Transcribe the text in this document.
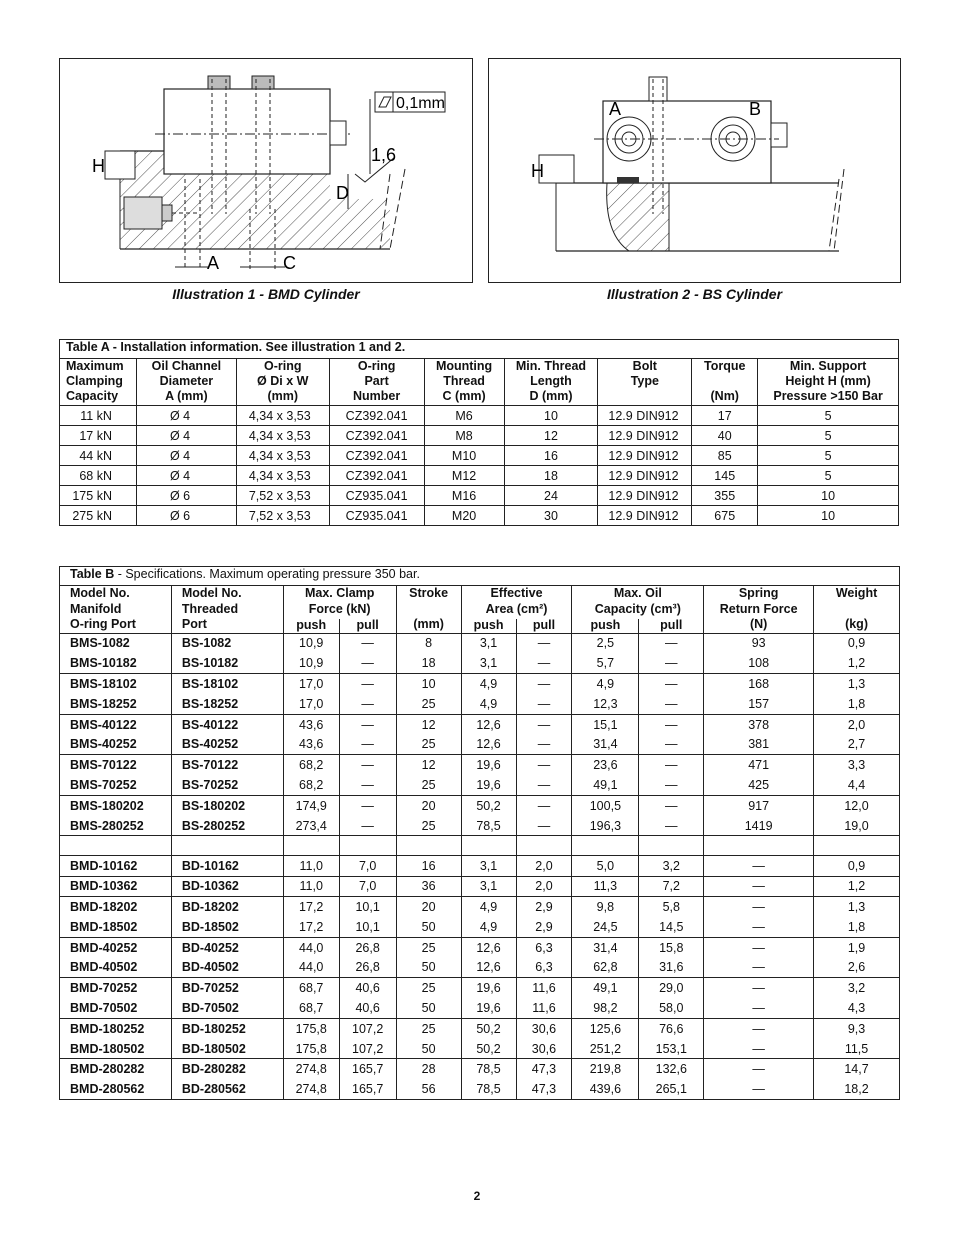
H
A	C
D
1,6
0,1mm
Illustration 1 - BMD Cylinder
H
A	B
Illustration 2 - BS Cylinder
Table A - Installation information. See illustration 1 and 2.								
Maximum
Clamping
Capacity	Oil Channel
Diameter
A (mm)	O-ring
Ø Di x W
(mm)	O-ring
Part
Number	Mounting
Thread
C (mm)	Min. Thread
Length
D (mm)	Bolt
Type	Torque

(Nm)	Min. Support
Height H (mm)
Pressure >150 Bar
11 kN	Ø 4	4,34 x 3,53	CZ392.041	M6	10	12.9 DIN912	17	5
17 kN	Ø 4	4,34 x 3,53	CZ392.041	M8	12	12.9 DIN912	40	5
44 kN	Ø 4	4,34 x 3,53	CZ392.041	M10	16	12.9 DIN912	85	5
68 kN	Ø 4	4,34 x 3,53	CZ392.041	M12	18	12.9 DIN912	145	5
175 kN	Ø 6	7,52 x 3,53	CZ935.041	M16	24	12.9 DIN912	355	10
275 kN	Ø 6	7,52 x 3,53	CZ935.041	M20	30	12.9 DIN912	675	10
Table B - Specifications. Maximum operating pressure 350 bar.										
Model No.
Manifold
O-ring Port	Model No.
Threaded
Port	Max. Clamp
Force (kN)		Stroke

(mm)	Effective
Area (cm²)		Max. Oil
Capacity (cm³)		Spring
Return Force
(N)	Weight

(kg)
		push	pull		push	pull	push	pull		
BMS-1082	BS-1082	10,9	—	8	3,1	—	2,5	—	93	0,9
BMS-10182	BS-10182	10,9	—	18	3,1	—	5,7	—	108	1,2
BMS-18102	BS-18102	17,0	—	10	4,9	—	4,9	—	168	1,3
BMS-18252	BS-18252	17,0	—	25	4,9	—	12,3	—	157	1,8
BMS-40122	BS-40122	43,6	—	12	12,6	—	15,1	—	378	2,0
BMS-40252	BS-40252	43,6	—	25	12,6	—	31,4	—	381	2,7
BMS-70122	BS-70122	68,2	—	12	19,6	—	23,6	—	471	3,3
BMS-70252	BS-70252	68,2	—	25	19,6	—	49,1	—	425	4,4
BMS-180202	BS-180202	174,9	—	20	50,2	—	100,5	—	917	12,0
BMS-280252	BS-280252	273,4	—	25	78,5	—	196,3	—	1419	19,0

BMD-10162	BD-10162	11,0	7,0	16	3,1	2,0	5,0	3,2	—	0,9
BMD-10362	BD-10362	11,0	7,0	36	3,1	2,0	11,3	7,2	—	1,2
BMD-18202	BD-18202	17,2	10,1	20	4,9	2,9	9,8	5,8	—	1,3
BMD-18502	BD-18502	17,2	10,1	50	4,9	2,9	24,5	14,5	—	1,8
BMD-40252	BD-40252	44,0	26,8	25	12,6	6,3	31,4	15,8	—	1,9
BMD-40502	BD-40502	44,0	26,8	50	12,6	6,3	62,8	31,6	—	2,6
BMD-70252	BD-70252	68,7	40,6	25	19,6	11,6	49,1	29,0	—	3,2
BMD-70502	BD-70502	68,7	40,6	50	19,6	11,6	98,2	58,0	—	4,3
BMD-180252	BD-180252	175,8	107,2	25	50,2	30,6	125,6	76,6	—	9,3
BMD-180502	BD-180502	175,8	107,2	50	50,2	30,6	251,2	153,1	—	11,5
BMD-280282	BD-280282	274,8	165,7	28	78,5	47,3	219,8	132,6	—	14,7
BMD-280562	BD-280562	274,8	165,7	56	78,5	47,3	439,6	265,1	—	18,2
2
